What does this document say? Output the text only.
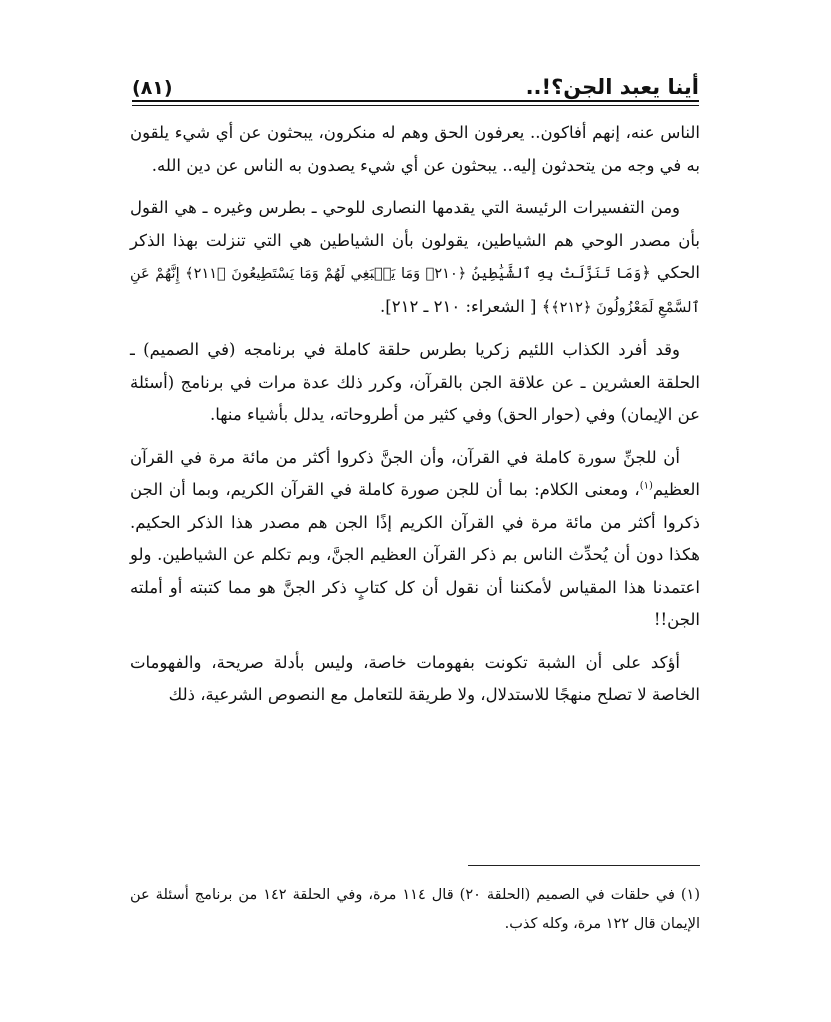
أينا يعبد الجن؟!..
(٨١)

الناس عنه، إنهم أفاكون.. يعرفون الحق وهم له منكرون، يبحثون عن أي شيء يلقون به في وجه من يتحدثون إليه.. يبحثون عن أي شيء يصدون به الناس عن دين الله.

ومن التفسيرات الرئيسة التي يقدمها النصارى للوحي ـ بطرس وغيره ـ هي القول بأن مصدر الوحي هم الشياطين، يقولون بأن الشياطين هي التي تنزلت بهذا الذكر الحكي ﴿وَمَا تَنَزَّلَتْ بِهِ ٱلشَّيَٰطِينُ ﴿٢١٠﴾ وَمَا يَنۢبَغِي لَهُمْ وَمَا يَسْتَطِيعُونَ ﴿٢١١﴾ إِنَّهُمْ عَنِ ٱلسَّمْعِ لَمَعْزُولُونَ ﴿٢١٢﴾﴾ [ الشعراء: ٢١٠ ـ ٢١٢].

وقد أفرد الكذاب اللئيم زكريا بطرس حلقة كاملة في برنامجه (في الصميم) ـ الحلقة العشرين ـ عن علاقة الجن بالقرآن، وكرر ذلك عدة مرات في برنامج (أسئلة عن الإيمان) وفي (حوار الحق) وفي كثير من أطروحاته، يدلل بأشياء منها.

أن للجنِّ سورة كاملة في القرآن، وأن الجنَّ ذكروا أكثر من مائة مرة في القرآن العظيم$^{(١)}$، ومعنى الكلام: بما أن للجن صورة كاملة في القرآن الكريم، وبما أن الجن ذكروا أكثر من مائة مرة في القرآن الكريم إذًا الجن هم مصدر هذا الذكر الحكيم. هكذا دون أن يُحدِّث الناس بم ذكر القرآن العظيم الجنَّ، وبم تكلم عن الشياطين. ولو اعتمدنا هذا المقياس لأمكننا أن نقول أن كل كتابٍ ذكر الجنَّ هو مما كتبته أو أملته الجن!!

أؤكد على أن الشبة تكونت بفهومات خاصة، وليس بأدلة صريحة، والفهومات الخاصة لا تصلح منهجًا للاستدلال، ولا طريقة للتعامل مع النصوص الشرعية، ذلك

(١) في حلقات في الصميم (الحلقة ٢٠) قال ١١٤ مرة، وفي الحلقة ١٤٢ من برنامج أسئلة عن الإيمان قال ١٢٢ مرة، وكله كذب.
